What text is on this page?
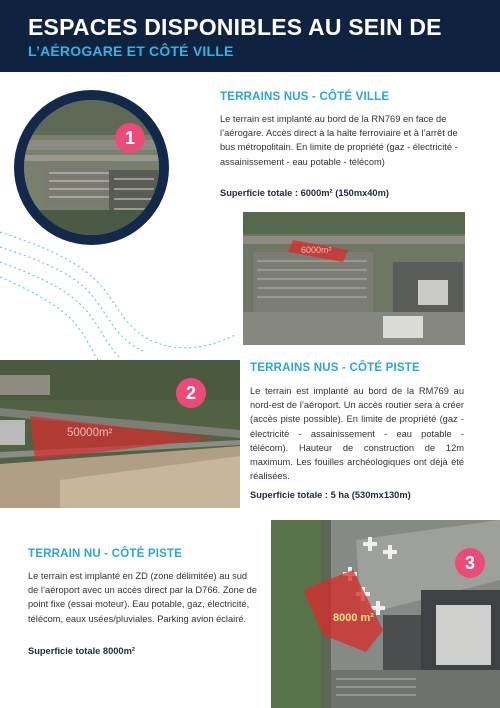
ESPACES DISPONIBLES AU SEIN DE
L’AÉROGARE ET CÔTÉ VILLE
1
TERRAINS NUS - CÔTÉ VILLE
Le terrain est implanté au bord de la RN769 en face de l’aérogare. Accès direct à la halte ferroviaire et à l’arrêt de bus métropolitain. En limite de propriété (gaz - électricité - assainissement - eau potable - télécom)
Superficie totale : 6000m² (150mx40m)
6000m²
50000m²
2
TERRAINS NUS - CÔTÉ PISTE
Le terrain est implanté au bord de la RM769 au nord-est de l’aéroport. Un accès routier sera à créer (accès piste possible). En limite de propriété (gaz - électricité - assainissement - eau potable - télécom). Hauteur de construction de 12m maximum. Les fouilles archéologiques ont déjà été réalisées.
Superficie totale : 5 ha (530mx130m)
TERRAIN NU - CÔTÉ PISTE
Le terrain est implanté en ZD (zone délimitée) au sud de l’aéroport avec un accès direct par la D766. Zone de point fixe (essai moteur). Eau potable, gaz, électricité, télécom, eaux usées/pluviales. Parking avion éclairé.
Superficie totale 8000m²
8000 m²
3
